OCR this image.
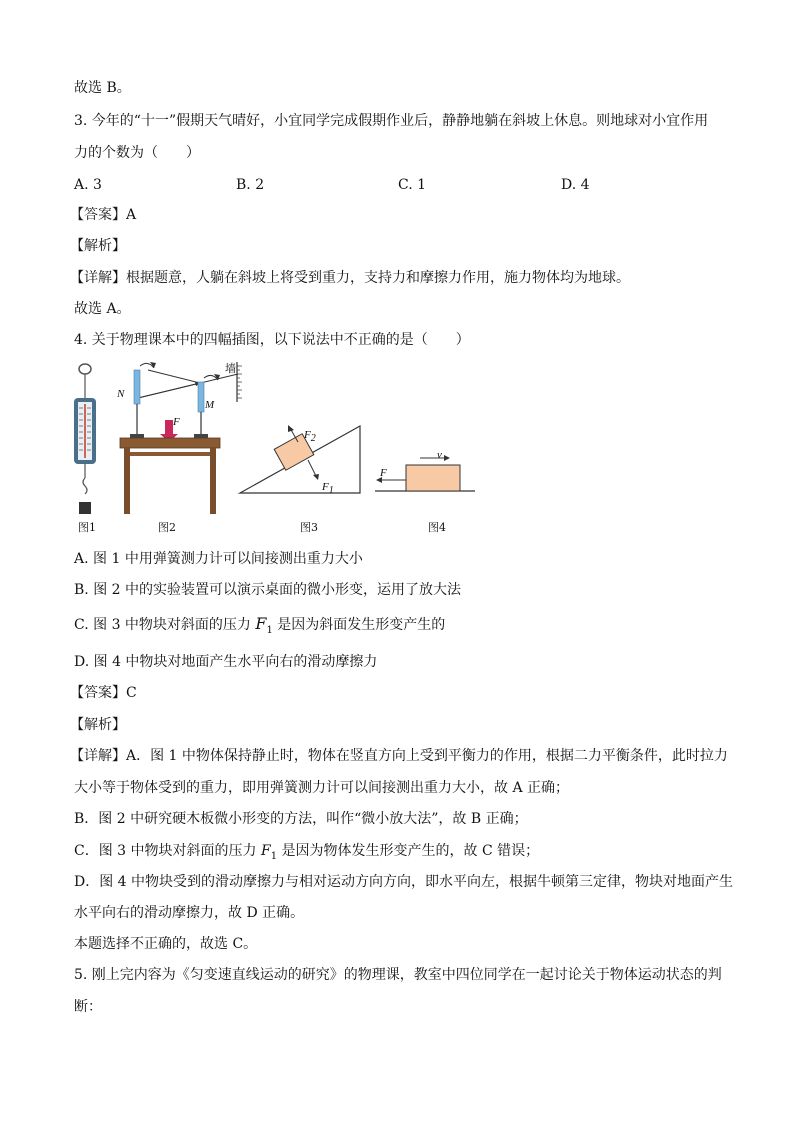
故选 B。
3. 今年的“十一”假期天气晴好，小宜同学完成假期作业后，静静地躺在斜坡上休息。则地球对小宜作用
力的个数为（　　）
A. 3	B. 2	C. 1	D. 4
【答案】A
【解析】
【详解】根据题意，人躺在斜坡上将受到重力，支持力和摩擦力作用，施力物体均为地球。
故选 A。
4. 关于物理课本中的四幅插图，以下说法中不正确的是（　　）
墙
N
M
F
$F_2$
$F_1$
v
F
图1	图2	图3	图4
A. 图 1 中用弹簧测力计可以间接测出重力大小
B. 图 2 中的实验装置可以演示桌面的微小形变，运用了放大法
C. 图 3 中物块对斜面的压力 $F_1$ 是因为斜面发生形变产生的
D. 图 4 中物块对地面产生水平向右的滑动摩擦力
【答案】C
【解析】
【详解】A．图 1 中物体保持静止时，物体在竖直方向上受到平衡力的作用，根据二力平衡条件，此时拉力
大小等于物体受到的重力，即用弹簧测力计可以间接测出重力大小，故 A 正确；
B．图 2 中研究硬木板微小形变的方法，叫作“微小放大法”，故 B 正确；
C．图 3 中物块对斜面的压力 $F_1$ 是因为物体发生形变产生的，故 C 错误；
D．图 4 中物块受到的滑动摩擦力与相对运动方向方向，即水平向左，根据牛顿第三定律，物块对地面产生
水平向右的滑动摩擦力，故 D 正确。
本题选择不正确的，故选 C。
5. 刚上完内容为《匀变速直线运动的研究》的物理课，教室中四位同学在一起讨论关于物体运动状态的判
断：
